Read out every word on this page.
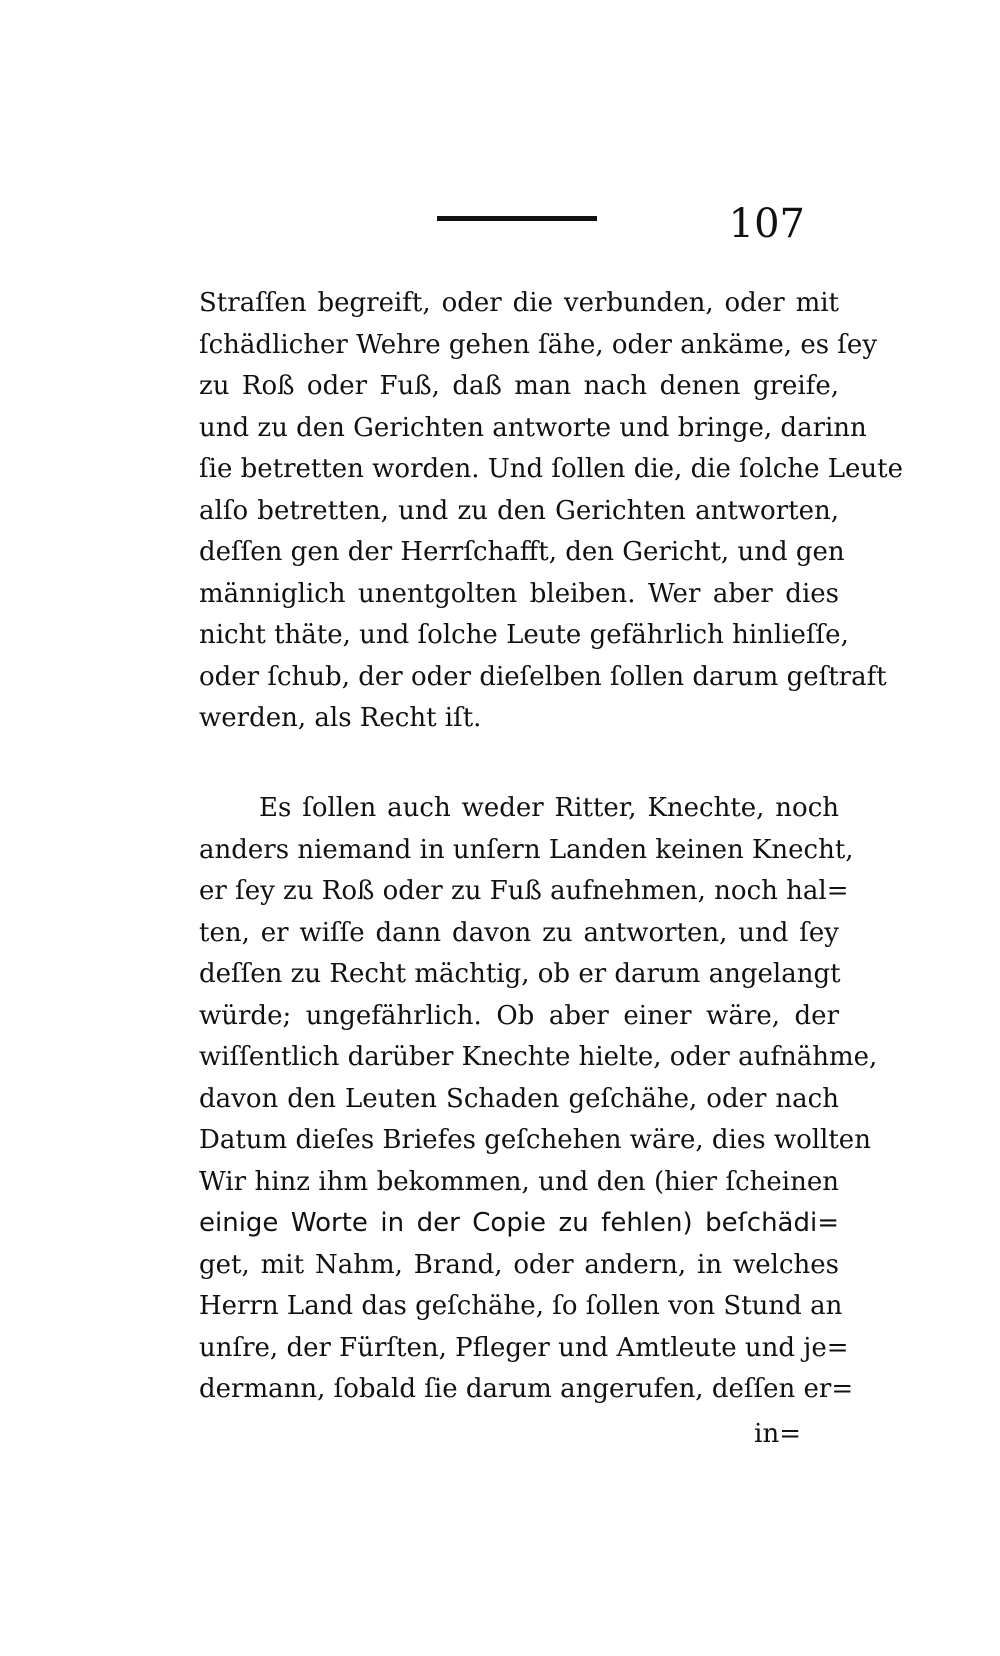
107
Straſſen begreift, oder die verbunden, oder mit
ſchädlicher Wehre gehen ſähe, oder ankäme, es ſey
zu Roß oder Fuß, daß man nach denen greife,
und zu den Gerichten antworte und bringe, darinn
ſie betretten worden. Und ſollen die, die ſolche Leute
alſo betretten, und zu den Gerichten antworten,
deſſen gen der Herrſchafft, den Gericht, und gen
männiglich unentgolten bleiben. Wer aber dies
nicht thäte, und ſolche Leute gefährlich hinlieſſe,
oder ſchub, der oder dieſelben ſollen darum geſtraft
werden, als Recht iſt.
Es ſollen auch weder Ritter, Knechte, noch
anders niemand in unſern Landen keinen Knecht,
er ſey zu Roß oder zu Fuß aufnehmen, noch hal=
ten, er wiſſe dann davon zu antworten, und ſey
deſſen zu Recht mächtig, ob er darum angelangt
würde; ungefährlich. Ob aber einer wäre, der
wiſſentlich darüber Knechte hielte, oder aufnähme,
davon den Leuten Schaden geſchähe, oder nach
Datum dieſes Briefes geſchehen wäre, dies wollten
Wir hinz ihm bekommen, und den (hier ſcheinen
einige Worte in der Copie zu fehlen) beſchädi=
get, mit Nahm, Brand, oder andern, in welches
Herrn Land das geſchähe, ſo ſollen von Stund an
unſre, der Fürſten, Pfleger und Amtleute und je=
dermann, ſobald ſie darum angerufen, deſſen er=
in=
